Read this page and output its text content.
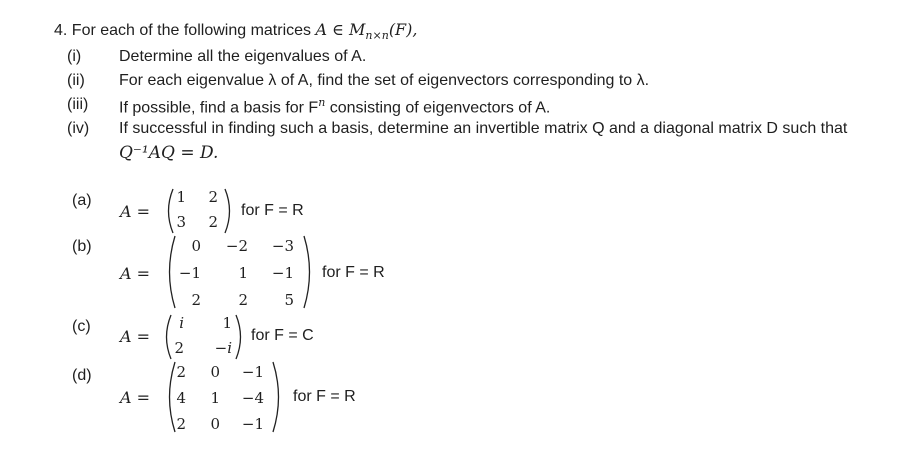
4. For each of the following matrices A ∈ $M_{n\times n}(F)$,
(i) Determine all the eigenvalues of A.
(ii) For each eigenvalue λ of A, find the set of eigenvectors corresponding to λ.
(iii) If possible, find a basis for $F^n$ consisting of eigenvectors of A.
(iv) If successful in finding such a basis, determine an invertible matrix Q and a diagonal matrix D such that
Q⁻¹AQ = D.
(a)
A =
1	2
3	2
for F = R
(b)
A =
0	−2	−3
−1	1	−1
2	2	5
for F = R
(c)
A =
i	1
2	−i
for F = C
(d)
A =
2	0	−1
4	1	−4
2	0	−1
for F = R
